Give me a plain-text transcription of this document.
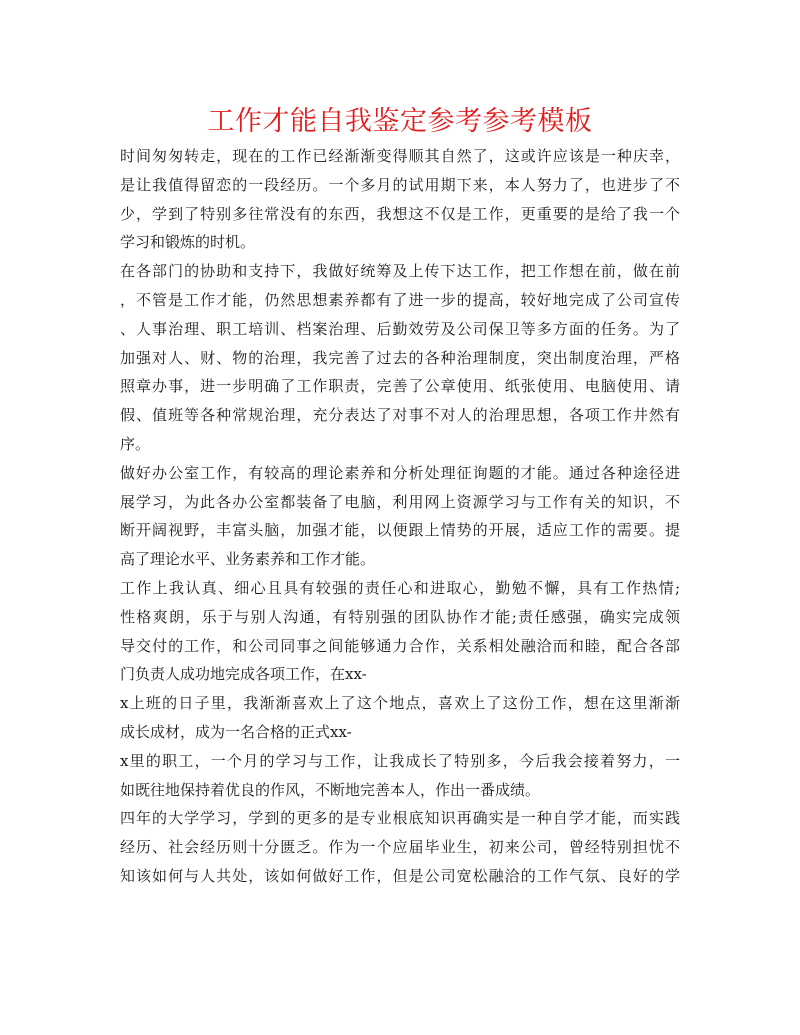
工作才能自我鉴定参考参考模板
时间匆匆转走，现在的工作已经渐渐变得顺其自然了，这或许应该是一种庆幸，
是让我值得留恋的一段经历。一个多月的试用期下来，本人努力了，也进步了不
少，学到了特别多往常没有的东西，我想这不仅是工作，更重要的是给了我一个
学习和锻炼的时机。
在各部门的协助和支持下，我做好统筹及上传下达工作，把工作想在前，做在前
，不管是工作才能，仍然思想素养都有了进一步的提高，较好地完成了公司宣传
、人事治理、职工培训、档案治理、后勤效劳及公司保卫等多方面的任务。为了
加强对人、财、物的治理，我完善了过去的各种治理制度，突出制度治理，严格
照章办事，进一步明确了工作职责，完善了公章使用、纸张使用、电脑使用、请
假、值班等各种常规治理，充分表达了对事不对人的治理思想，各项工作井然有
序。
做好办公室工作，有较高的理论素养和分析处理征询题的才能。通过各种途径进
展学习，为此各办公室都装备了电脑，利用网上资源学习与工作有关的知识，不
断开阔视野，丰富头脑，加强才能，以便跟上情势的开展，适应工作的需要。提
高了理论水平、业务素养和工作才能。
工作上我认真、细心且具有较强的责任心和进取心，勤勉不懈，具有工作热情;
性格爽朗，乐于与别人沟通，有特别强的团队协作才能;责任感强，确实完成领
导交付的工作，和公司同事之间能够通力合作，关系相处融洽而和睦，配合各部
门负责人成功地完成各项工作，在xx-
x上班的日子里，我渐渐喜欢上了这个地点，喜欢上了这份工作，想在这里渐渐
成长成材，成为一名合格的正式xx-
x里的职工，一个月的学习与工作，让我成长了特别多，今后我会接着努力，一
如既往地保持着优良的作风，不断地完善本人，作出一番成绩。
四年的大学学习，学到的更多的是专业根底知识再确实是一种自学才能，而实践
经历、社会经历则十分匮乏。作为一个应届毕业生，初来公司，曾经特别担忧不
知该如何与人共处，该如何做好工作，但是公司宽松融洽的工作气氛、良好的学
